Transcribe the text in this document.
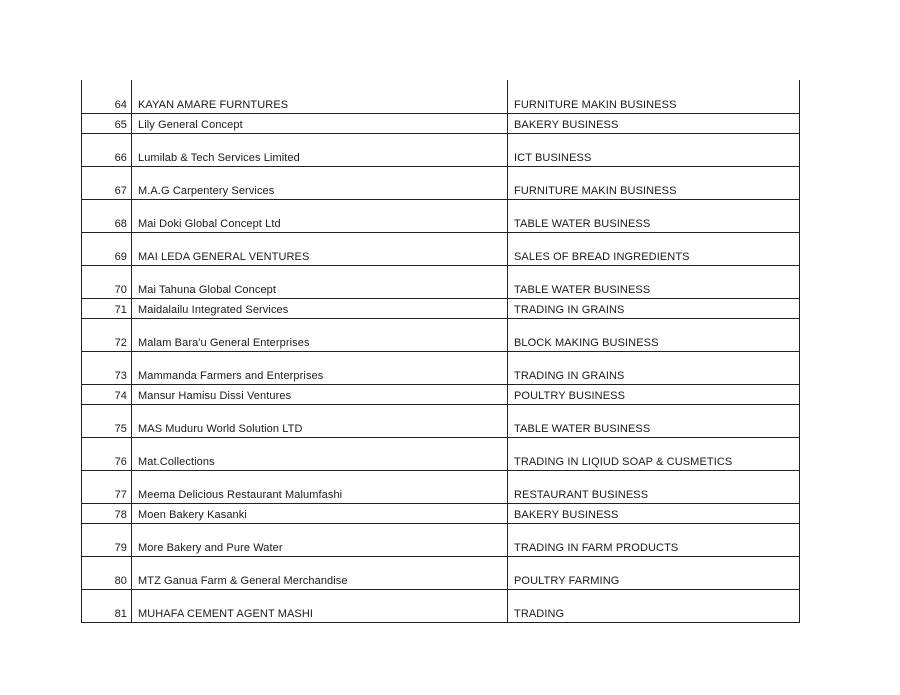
64	KAYAN AMARE FURNTURES	FURNITURE MAKIN BUSINESS
65	Lily General Concept	BAKERY BUSINESS
66	Lumilab & Tech Services Limited	ICT BUSINESS
67	M.A.G Carpentery Services	FURNITURE MAKIN BUSINESS
68	Mai Doki Global Concept Ltd	TABLE WATER BUSINESS
69	MAI LEDA GENERAL VENTURES	SALES OF BREAD INGREDIENTS
70	Mai Tahuna Global Concept	TABLE WATER BUSINESS
71	Maidalailu Integrated Services	TRADING IN GRAINS
72	Malam Bara'u General Enterprises	BLOCK MAKING BUSINESS
73	Mammanda Farmers and Enterprises	TRADING IN GRAINS
74	Mansur Hamisu Dissi Ventures	POULTRY BUSINESS
75	MAS Muduru World Solution LTD	TABLE WATER BUSINESS
76	Mat.Collections	TRADING IN LIQIUD SOAP & CUSMETICS
77	Meema Delicious Restaurant Malumfashi	RESTAURANT BUSINESS
78	Moen Bakery Kasanki	BAKERY BUSINESS
79	More Bakery and Pure Water	TRADING IN FARM PRODUCTS
80	MTZ Ganua Farm & General Merchandise	POULTRY FARMING
81	MUHAFA CEMENT AGENT MASHI	TRADING
